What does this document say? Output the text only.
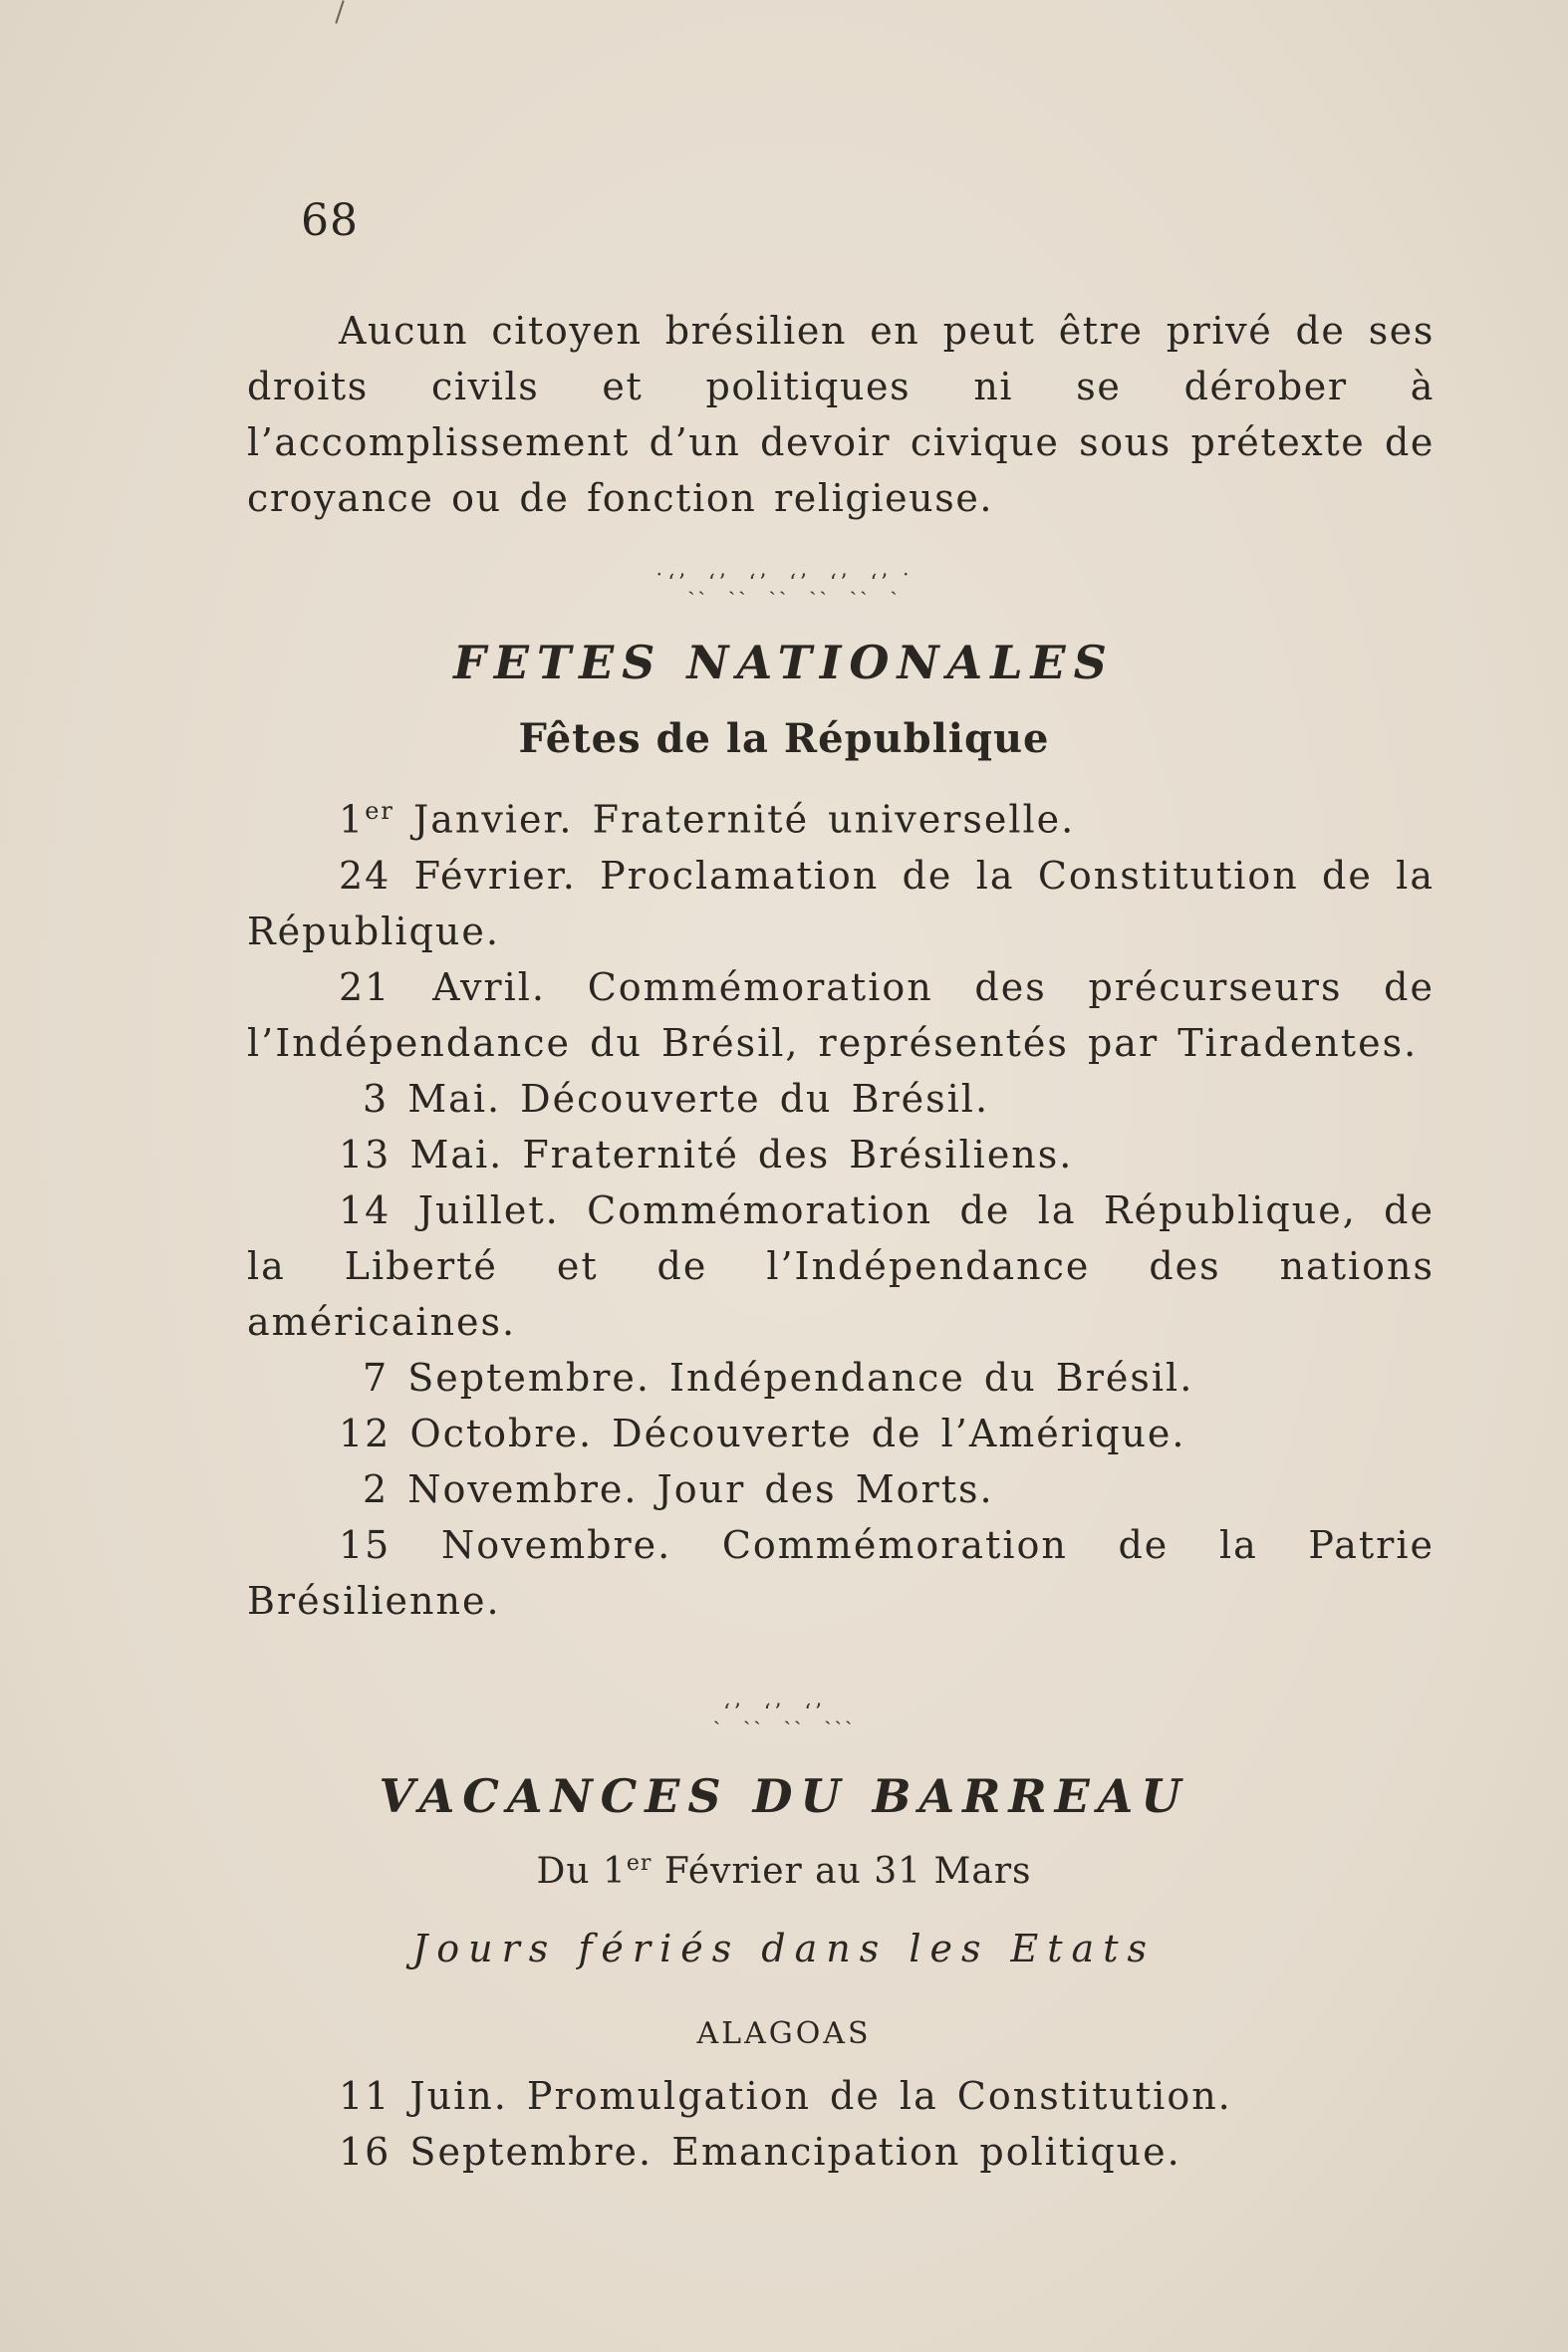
68

Aucun citoyen brésilien en peut être privé de ses droits civils et politiques ni se dérober à l’accomplissement d’un devoir civique sous prétexte de croyance ou de fonction religieuse.

˙ʻʼˏˎʻʼˏˎʻʼˏˎʻʼˏˎʻʼˏˎʻʼˏ˙
FETES NATIONALES
Fêtes de la République

1er Janvier. Fraternité universelle.

24 Février. Proclamation de la Constitution de la République.

21 Avril. Commémoration des précurseurs de l’Indépendance du Brésil, représentés par Tiradentes.

3 Mai. Découverte du Brésil.

13 Mai. Fraternité des Brésiliens.

14 Juillet. Commémoration de la République, de la Liberté et de l’Indépendance des nations américaines.

7 Septembre. Indépendance du Brésil.

12 Octobre. Découverte de l’Amérique.

2 Novembre. Jour des Morts.

15 Novembre. Commémoration de la Patrie Brésilienne.

ˏʻʼˏˎʻʼˏˎʻʼˏˎˏ
VACANCES DU BARREAU
Du 1er Février au 31 Mars
Jours fériés dans les Etats
ALAGOAS

11 Juin. Promulgation de la Constitution.

16 Septembre. Emancipation politique.
